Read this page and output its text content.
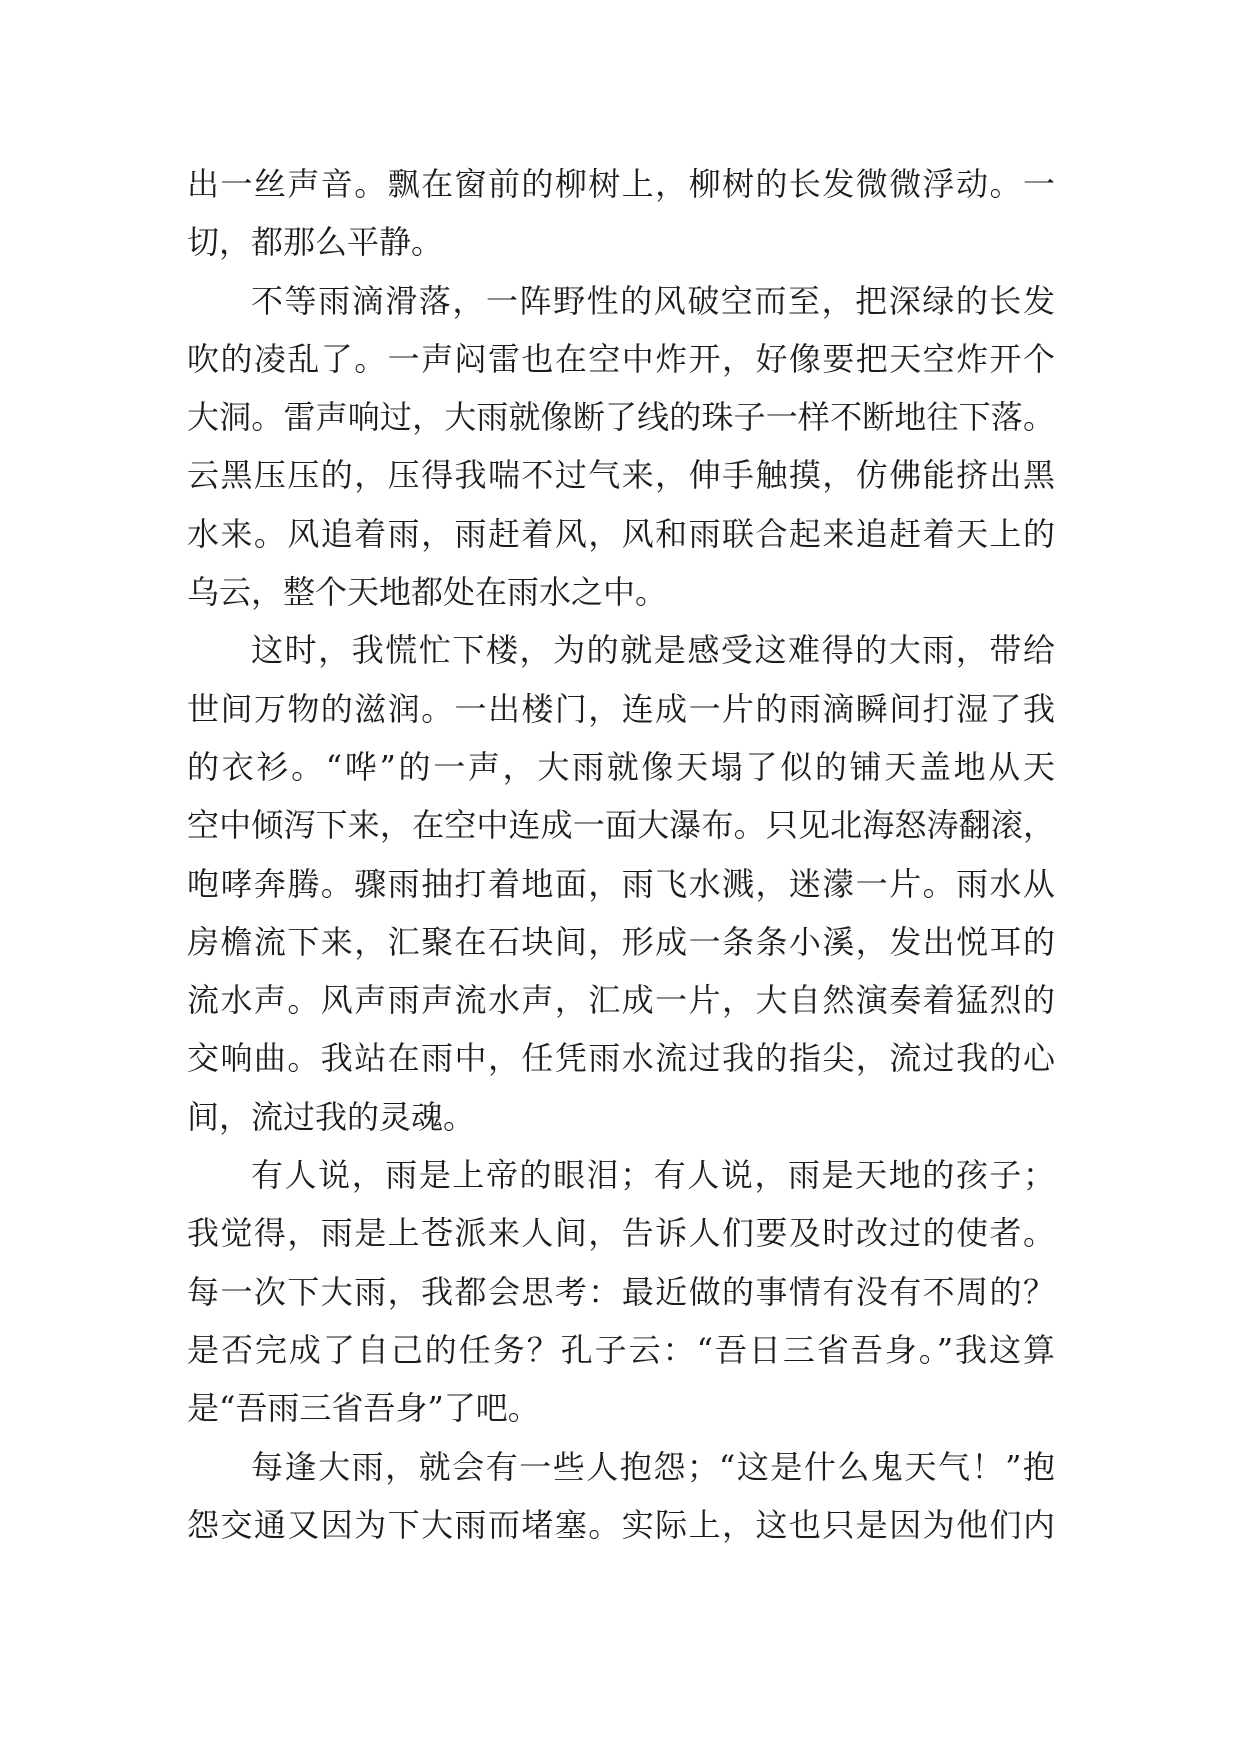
出一丝声音。飘在窗前的柳树上，柳树的长发微微浮动。一
切，都那么平静。
不等雨滴滑落，一阵野性的风破空而至，把深绿的长发
吹的凌乱了。一声闷雷也在空中炸开，好像要把天空炸开个
大洞。雷声响过，大雨就像断了线的珠子一样不断地往下落。
云黑压压的，压得我喘不过气来，伸手触摸，仿佛能挤出黑
水来。风追着雨，雨赶着风，风和雨联合起来追赶着天上的
乌云，整个天地都处在雨水之中。
这时，我慌忙下楼，为的就是感受这难得的大雨，带给
世间万物的滋润。一出楼门，连成一片的雨滴瞬间打湿了我
的衣衫。“哗”的一声，大雨就像天塌了似的铺天盖地从天
空中倾泻下来，在空中连成一面大瀑布。只见北海怒涛翻滚，
咆哮奔腾。骤雨抽打着地面，雨飞水溅，迷濛一片。雨水从
房檐流下来，汇聚在石块间，形成一条条小溪，发出悦耳的
流水声。风声雨声流水声，汇成一片，大自然演奏着猛烈的
交响曲。我站在雨中，任凭雨水流过我的指尖，流过我的心
间，流过我的灵魂。
有人说，雨是上帝的眼泪；有人说，雨是天地的孩子；
我觉得，雨是上苍派来人间，告诉人们要及时改过的使者。
每一次下大雨，我都会思考：最近做的事情有没有不周的？
是否完成了自己的任务？孔子云：“吾日三省吾身。”我这算
是“吾雨三省吾身”了吧。
每逢大雨，就会有一些人抱怨；“这是什么鬼天气！”抱
怨交通又因为下大雨而堵塞。实际上，这也只是因为他们内
